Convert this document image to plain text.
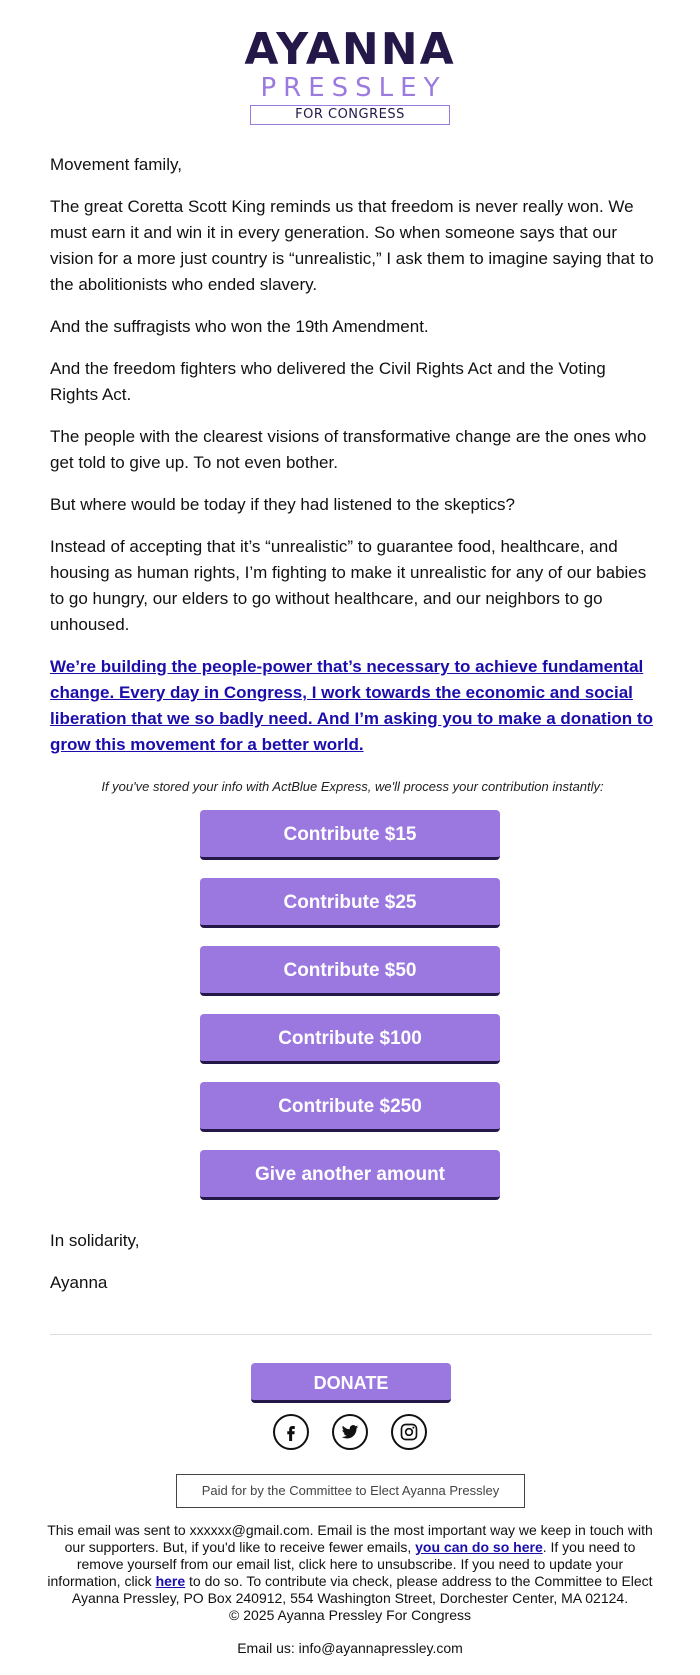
AYANNA
PRESSLEY
FOR CONGRESS

Movement family,

The great Coretta Scott King reminds us that freedom is never really won. We must earn it and win it in every generation. So when someone says that our vision for a more just country is “unrealistic,” I ask them to imagine saying that to the abolitionists who ended slavery.

And the suffragists who won the 19th Amendment.

And the freedom fighters who delivered the Civil Rights Act and the Voting Rights Act.

The people with the clearest visions of transformative change are the ones who get told to give up. To not even bother.

But where would be today if they had listened to the skeptics?

Instead of accepting that it’s “unrealistic” to guarantee food, healthcare, and housing as human rights, I’m fighting to make it unrealistic for any of our babies to go hungry, our elders to go without healthcare, and our neighbors to go unhoused.

We’re building the people-power that’s necessary to achieve fundamental change. Every day in Congress, I work towards the economic and social liberation that we so badly need. And I’m asking you to make a donation to grow this movement for a better world.

If you've stored your info with ActBlue Express, we'll process your contribution instantly:

Contribute $15
Contribute $25
Contribute $50
Contribute $100
Contribute $250
Give another amount

In solidarity,

Ayanna

DONATE
Paid for by the Committee to Elect Ayanna Pressley
This email was sent to xxxxxx@gmail.com. Email is the most important way we keep in touch with our supporters. But, if you'd like to receive fewer emails, you can do so here. If you need to remove yourself from our email list, click here to unsubscribe. If you need to update your information, click here to do so. To contribute via check, please address to the Committee to Elect Ayanna Pressley, PO Box 240912, 554 Washington Street, Dorchester Center, MA 02124.
© 2025 Ayanna Pressley For Congress
Email us: info@ayannapressley.com
